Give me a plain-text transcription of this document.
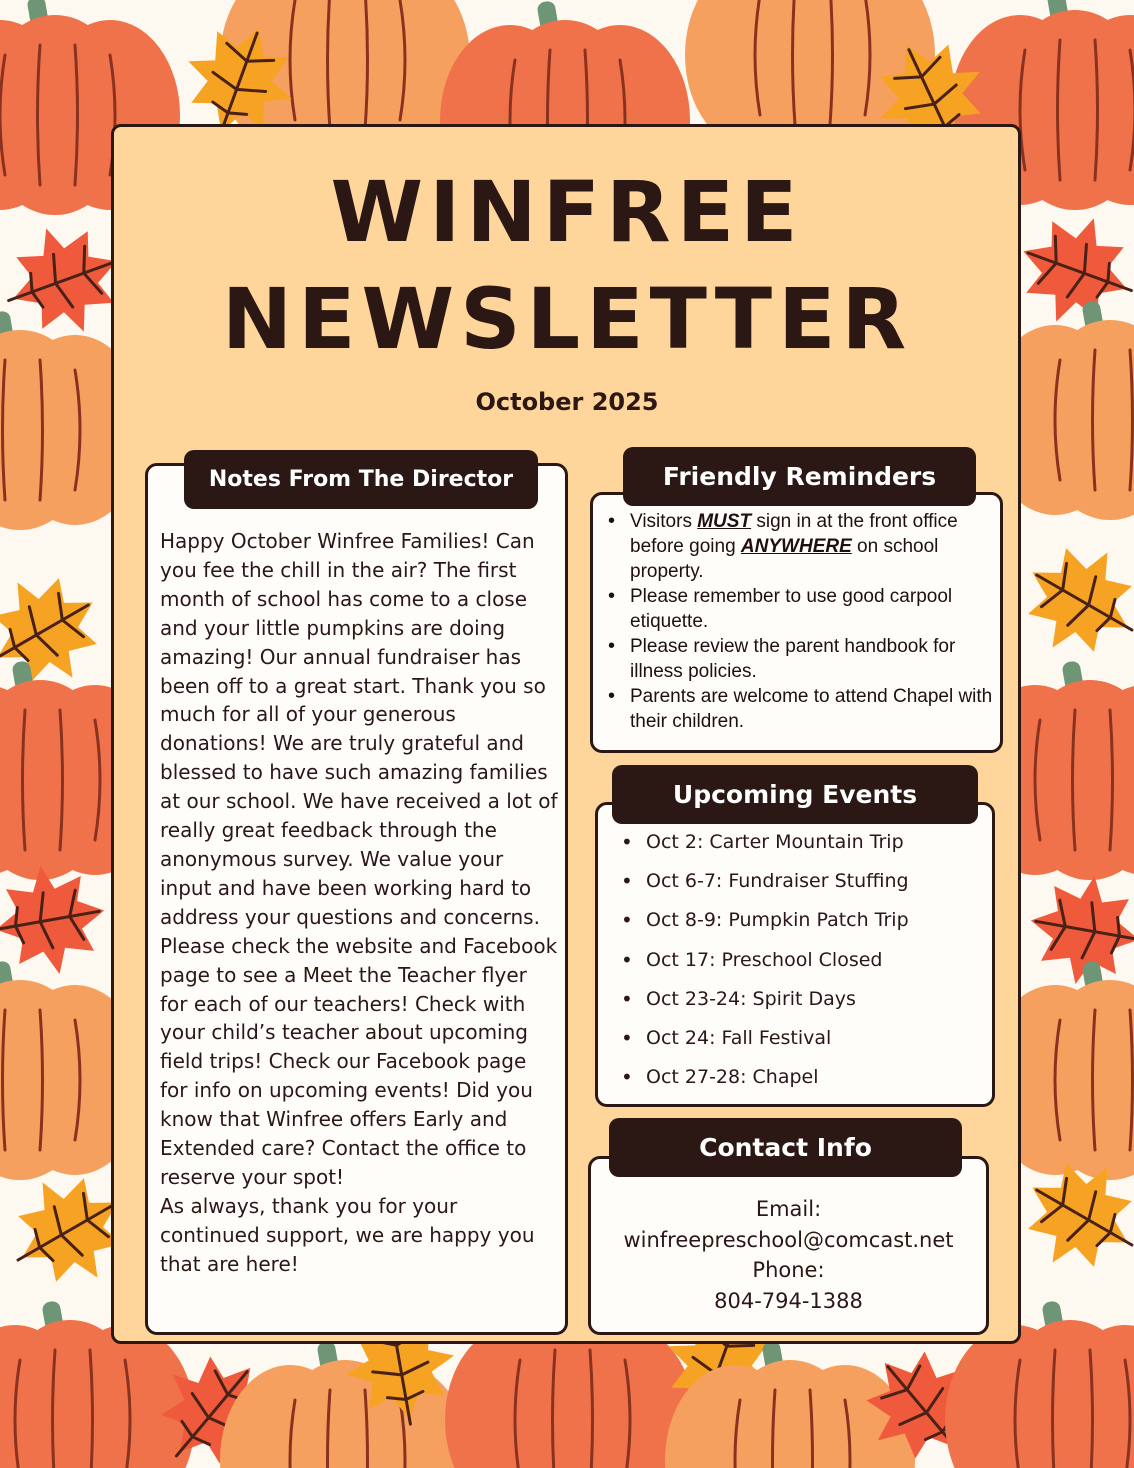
WINFREE
NEWSLETTER
October 2025
Notes From The Director

Happy October Winfree Families! Can you fee the chill in the air? The first month of school has come to a close and your little pumpkins are doing amazing! Our annual fundraiser has been off to a great start. Thank you so much for all of your generous donations! We are truly grateful and blessed to have such amazing families at our school. We have received a lot of really great feedback through the anonymous survey. We value your input and have been working hard to address your questions and concerns. Please check the website and Facebook page to see a Meet the Teacher flyer for each of our teachers! Check with your child’s teacher about upcoming field trips! Check our Facebook page for info on upcoming events! Did you know that Winfree offers Early and Extended care? Contact the office to reserve your spot!

As always, thank you for your continued support, we are happy you that are here!

Friendly Reminders
• Visitors MUST sign in at the front office before going ANYWHERE on school property.
• Please remember to use good carpool etiquette.
• Please review the parent handbook for illness policies.
• Parents are welcome to attend Chapel with their children.
Upcoming Events
• Oct 2: Carter Mountain Trip
• Oct 6-7: Fundraiser Stuffing
• Oct 8-9: Pumpkin Patch Trip
• Oct 17: Preschool Closed
• Oct 23-24: Spirit Days
• Oct 24: Fall Festival
• Oct 27-28: Chapel
Contact Info
Email:
winfreepreschool@comcast.net
Phone:
804-794-1388
